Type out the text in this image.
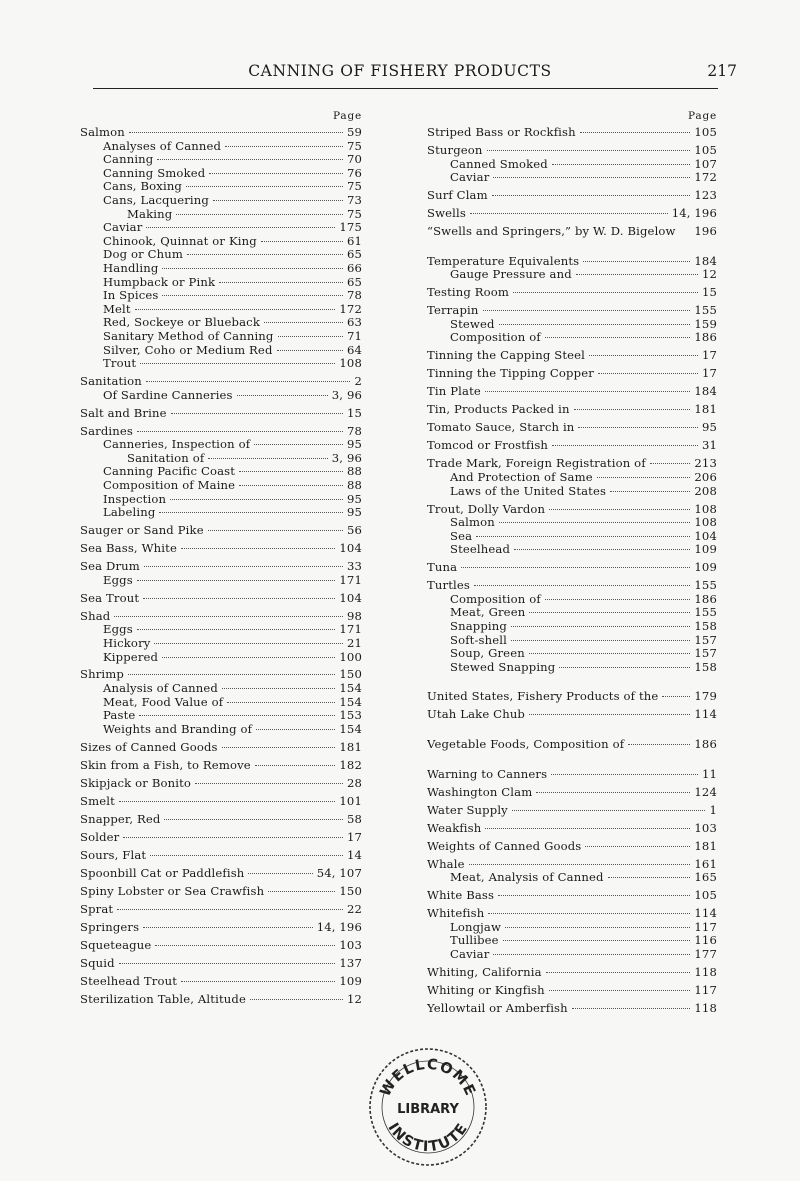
CANNING OF FISHERY PRODUCTS	217
Page
Salmon	59
Analyses of Canned	75
Canning	70
Canning Smoked	76
Cans, Boxing	75
Cans, Lacquering	73
Making	75
Caviar	175
Chinook, Quinnat or King	61
Dog or Chum	65
Handling	66
Humpback or Pink	65
In Spices	78
Melt	172
Red, Sockeye or Blueback	63
Sanitary Method of Canning	71
Silver, Coho or Medium Red	64
Trout	108
Sanitation	2
Of Sardine Canneries	3, 96
Salt and Brine	15
Sardines	78
Canneries, Inspection of	95
Sanitation of	3, 96
Canning Pacific Coast	88
Composition of Maine	88
Inspection	95
Labeling	95
Sauger or Sand Pike	56
Sea Bass, White	104
Sea Drum	33
Eggs	171
Sea Trout	104
Shad	98
Eggs	171
Hickory	21
Kippered	100
Shrimp	150
Analysis of Canned	154
Meat, Food Value of	154
Paste	153
Weights and Branding of	154
Sizes of Canned Goods	181
Skin from a Fish, to Remove	182
Skipjack or Bonito	28
Smelt	101
Snapper, Red	58
Solder	17
Sours, Flat	14
Spoonbill Cat or Paddlefish	54, 107
Spiny Lobster or Sea Crawfish	150
Sprat	22
Springers	14, 196
Squeteague	103
Squid	137
Steelhead Trout	109
Sterilization Table, Altitude	12
Page
Striped Bass or Rockfish	105
Sturgeon	105
Canned Smoked	107
Caviar	172
Surf Clam	123
Swells	14, 196
“Swells and Springers,” by W. D. Bigelow 196
Temperature Equivalents	184
Gauge Pressure and	12
Testing Room	15
Terrapin	155
Stewed	159
Composition of	186
Tinning the Capping Steel	17
Tinning the Tipping Copper	17
Tin Plate	184
Tin, Products Packed in	181
Tomato Sauce, Starch in	95
Tomcod or Frostfish	31
Trade Mark, Foreign Registration of	213
And Protection of Same	206
Laws of the United States	208
Trout, Dolly Vardon	108
Salmon	108
Sea	104
Steelhead	109
Tuna	109
Turtles	155
Composition of	186
Meat, Green	155
Snapping	158
Soft-shell	157
Soup, Green	157
Stewed Snapping	158
United States, Fishery Products of the	179
Utah Lake Chub	114
Vegetable Foods, Composition of	186
Warning to Canners	11
Washington Clam	124
Water Supply	1
Weakfish	103
Weights of Canned Goods	181
Whale	161
Meat, Analysis of Canned	165
White Bass	105
Whitefish	114
Longjaw	117
Tullibee	116
Caviar	177
Whiting, California	118
Whiting or Kingfish	117
Yellowtail or Amberfish	118
WELLCOME
LIBRARY
INSTITUTE
